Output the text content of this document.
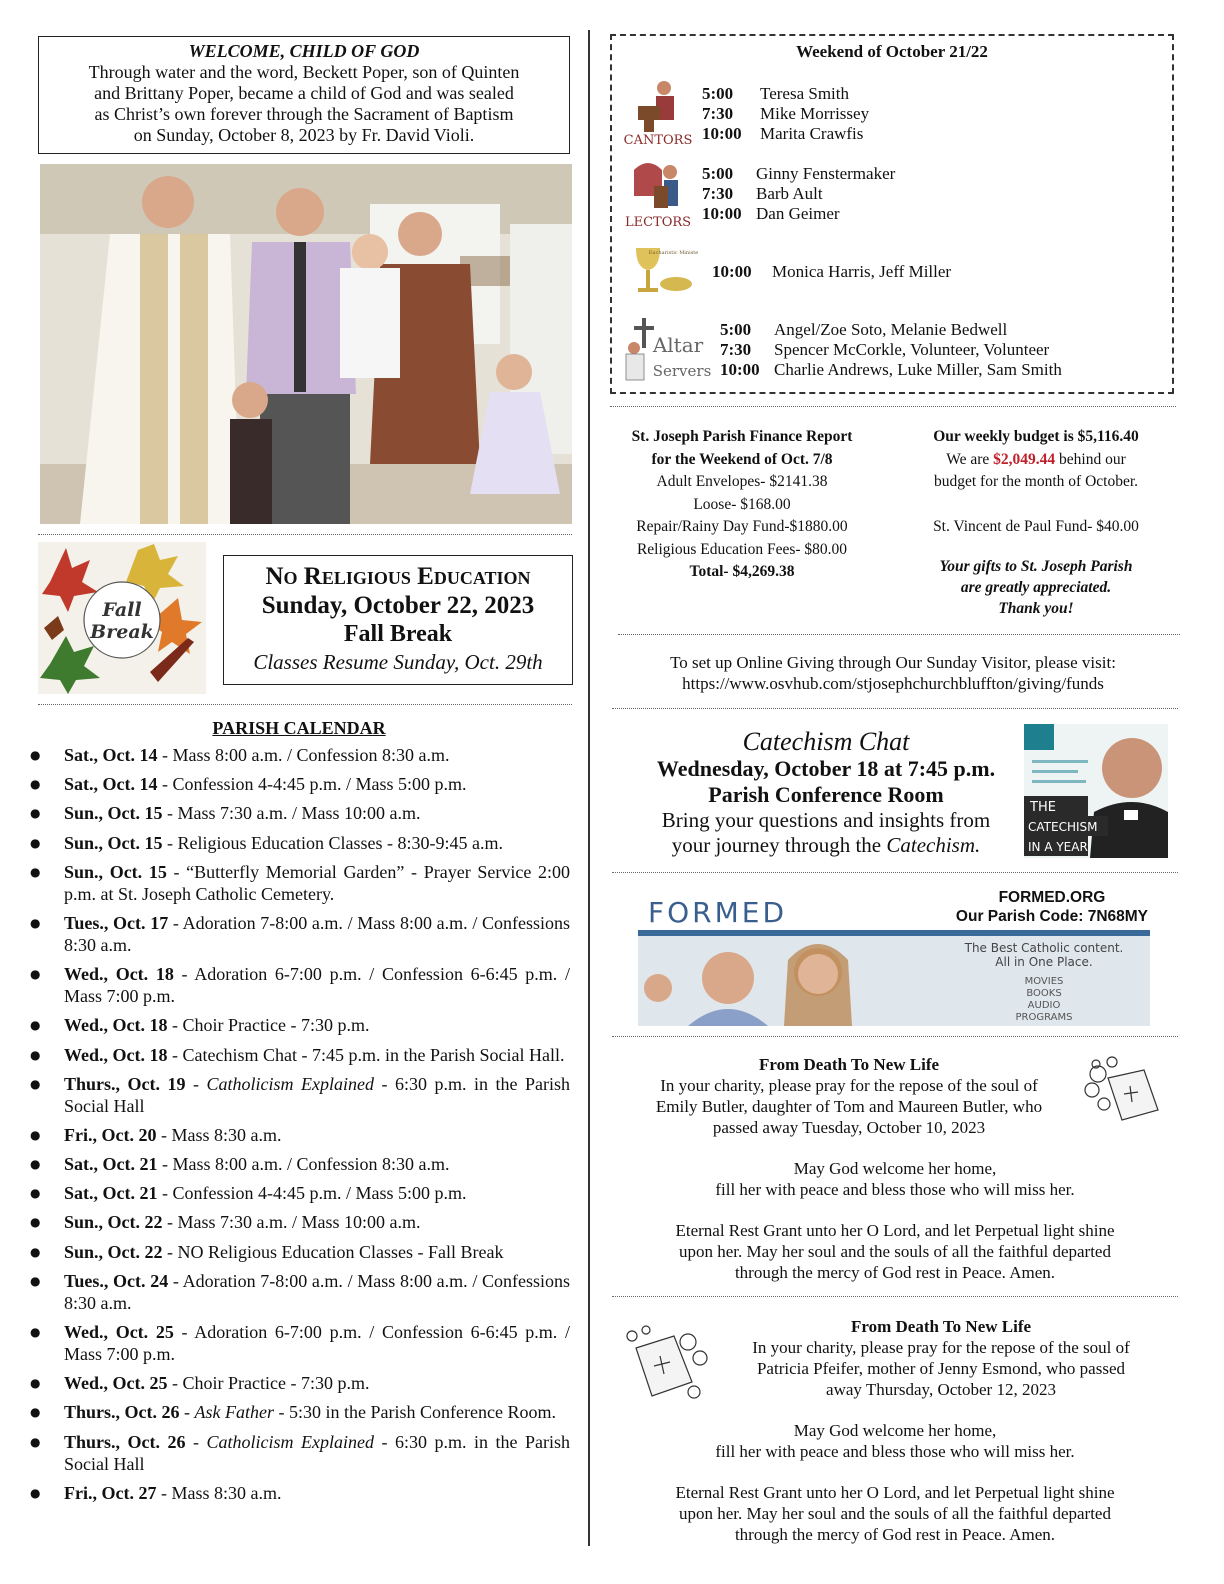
WELCOME, CHILD OF GOD
Through water and the word, Beckett Poper, son of Quinten
and Brittany Poper, became a child of God and was sealed
as Christ’s own forever through the Sacrament of Baptism
on Sunday, October 8, 2023 by Fr. David Violi.
Fall
Break
No Religious Education
Sunday, October 22, 2023
Fall Break
Classes Resume Sunday, Oct. 29th
PARISH CALENDAR
● Sat., Oct. 14 - Mass 8:00 a.m. / Confession 8:30 a.m.
● Sat., Oct. 14 - Confession 4-4:45 p.m. / Mass 5:00 p.m.
● Sun., Oct. 15 - Mass 7:30 a.m. / Mass 10:00 a.m.
● Sun., Oct. 15 - Religious Education Classes - 8:30-9:45 a.m.
● Sun., Oct. 15 - “Butterfly Memorial Garden” - Prayer Service 2:00 p.m. at St. Joseph Catholic Cemetery.
● Tues., Oct. 17 - Adoration 7-8:00 a.m. / Mass 8:00 a.m. / Confessions 8:30 a.m.
● Wed., Oct. 18 - Adoration 6-7:00 p.m. / Confession 6-6:45 p.m. / Mass 7:00 p.m.
● Wed., Oct. 18 - Choir Practice - 7:30 p.m.
● Wed., Oct. 18 - Catechism Chat - 7:45 p.m. in the Parish Social Hall.
● Thurs., Oct. 19 - Catholicism Explained - 6:30 p.m. in the Parish Social Hall
● Fri., Oct. 20 - Mass 8:30 a.m.
● Sat., Oct. 21 - Mass 8:00 a.m. / Confession 8:30 a.m.
● Sat., Oct. 21 - Confession 4-4:45 p.m. / Mass 5:00 p.m.
● Sun., Oct. 22 - Mass 7:30 a.m. / Mass 10:00 a.m.
● Sun., Oct. 22 - NO Religious Education Classes - Fall Break
● Tues., Oct. 24 - Adoration 7-8:00 a.m. / Mass 8:00 a.m. / Confessions 8:30 a.m.
● Wed., Oct. 25 - Adoration 6-7:00 p.m. / Confession 6-6:45 p.m. / Mass 7:00 p.m.
● Wed., Oct. 25 - Choir Practice - 7:30 p.m.
● Thurs., Oct. 26 - Ask Father - 5:30 in the Parish Conference Room.
● Thurs., Oct. 26 - Catholicism Explained - 6:30 p.m. in the Parish Social Hall
● Fri., Oct. 27 - Mass 8:30 a.m.
Weekend of October 21/22
CANTORS
5:00 Teresa Smith
7:30 Mike Morrissey
10:00 Marita Crawfis
LECTORS
5:00 Ginny Fenstermaker
7:30 Barb Ault
10:00 Dan Geimer
Eucharistic Ministers
10:00 Monica Harris, Jeff Miller
Altar
Servers
5:00 Angel/Zoe Soto, Melanie Bedwell
7:30 Spencer McCorkle, Volunteer, Volunteer
10:00 Charlie Andrews, Luke Miller, Sam Smith
St. Joseph Parish Finance Report
for the Weekend of Oct. 7/8
Adult Envelopes- $2141.38
Loose- $168.00
Repair/Rainy Day Fund-$1880.00
Religious Education Fees- $80.00
Total- $4,269.38
Our weekly budget is $5,116.40
We are $2,049.44 behind our
budget for the month of October.
St. Vincent de Paul Fund- $40.00
Your gifts to St. Joseph Parish
are greatly appreciated.
Thank you!
To set up Online Giving through Our Sunday Visitor, please visit:
https://www.osvhub.com/stjosephchurchbluffton/giving/funds
Catechism Chat
Wednesday, October 18 at 7:45 p.m.
Parish Conference Room
Bring your questions and insights from
your journey through the Catechism.
THE
CATECHISM
IN A YEAR
FORMED
The Best Catholic content.
All in One Place.
MOVIES
BOOKS
AUDIO
PROGRAMS
FORMED.ORG
Our Parish Code: 7N68MY
From Death To New Life
In your charity, please pray for the repose of the soul of
Emily Butler, daughter of Tom and Maureen Butler, who
passed away Tuesday, October 10, 2023
May God welcome her home,
fill her with peace and bless those who will miss her.
Eternal Rest Grant unto her O Lord, and let Perpetual light shine
upon her. May her soul and the souls of all the faithful departed
through the mercy of God rest in Peace. Amen.
From Death To New Life
In your charity, please pray for the repose of the soul of
Patricia Pfeifer, mother of Jenny Esmond, who passed
away Thursday, October 12, 2023
May God welcome her home,
fill her with peace and bless those who will miss her.
Eternal Rest Grant unto her O Lord, and let Perpetual light shine
upon her. May her soul and the souls of all the faithful departed
through the mercy of God rest in Peace. Amen.
